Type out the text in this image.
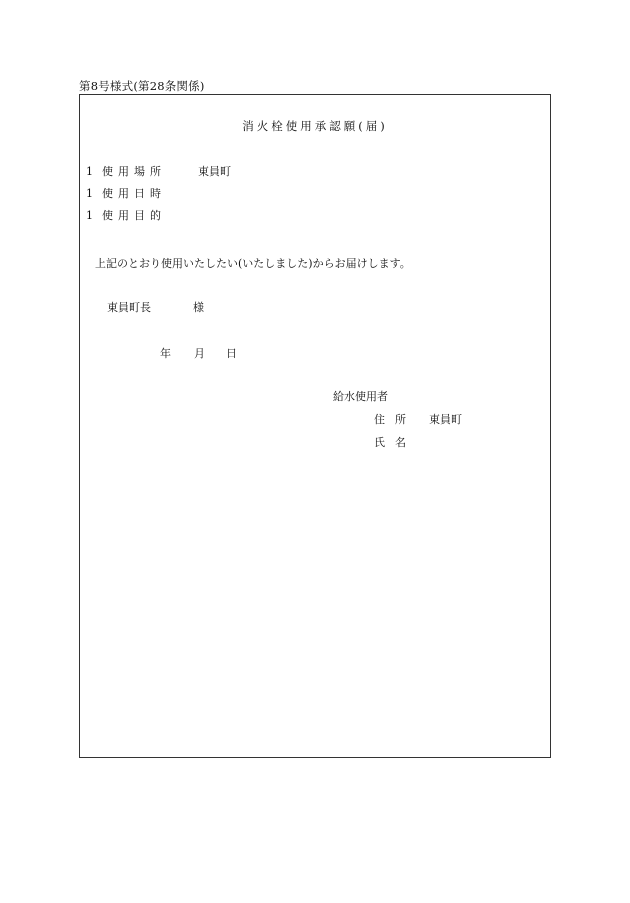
第8号様式(第28条関係)
消火栓使用承認願(届)
1 使用場所	東員町
1 使用日時
1 使用目的
上記のとおり使用いたしたい(いたしました)からお届けします。
東員町長	様
年 月 日
給水使用者
住所 東員町
氏名
